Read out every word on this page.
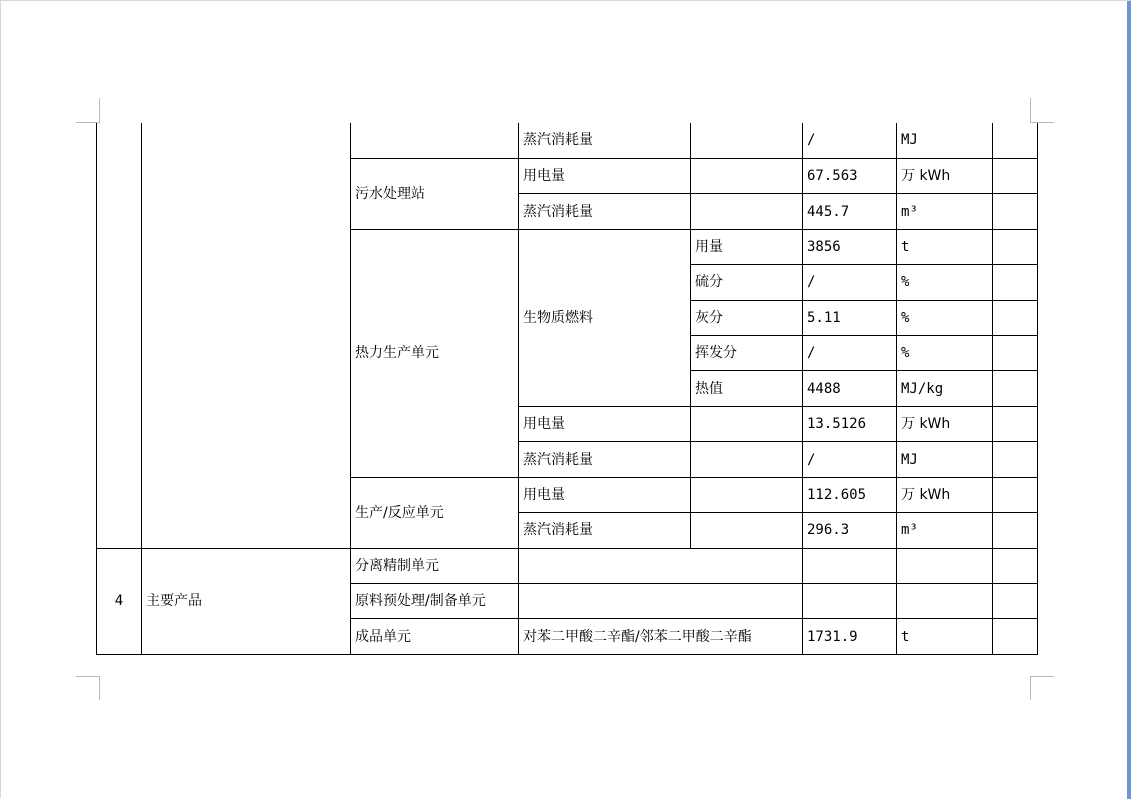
			蒸汽消耗量		/	MJ	
		污水处理站	用电量		67.563	万 kWh	
			蒸汽消耗量		445.7	m³	
		热力生产单元	生物质燃料	用量	3856	t	
				硫分	/	%	
				灰分	5.11	%	
				挥发分	/	%	
				热值	4488	MJ/kg	
			用电量		13.5126	万 kWh	
			蒸汽消耗量		/	MJ	
		生产/反应单元	用电量		112.605	万 kWh	
			蒸汽消耗量		296.3	m³	
4	主要产品	分离精制单元					
		原料预处理/制备单元					
		成品单元	对苯二甲酸二辛酯/邻苯二甲酸二辛酯		1731.9	t	
